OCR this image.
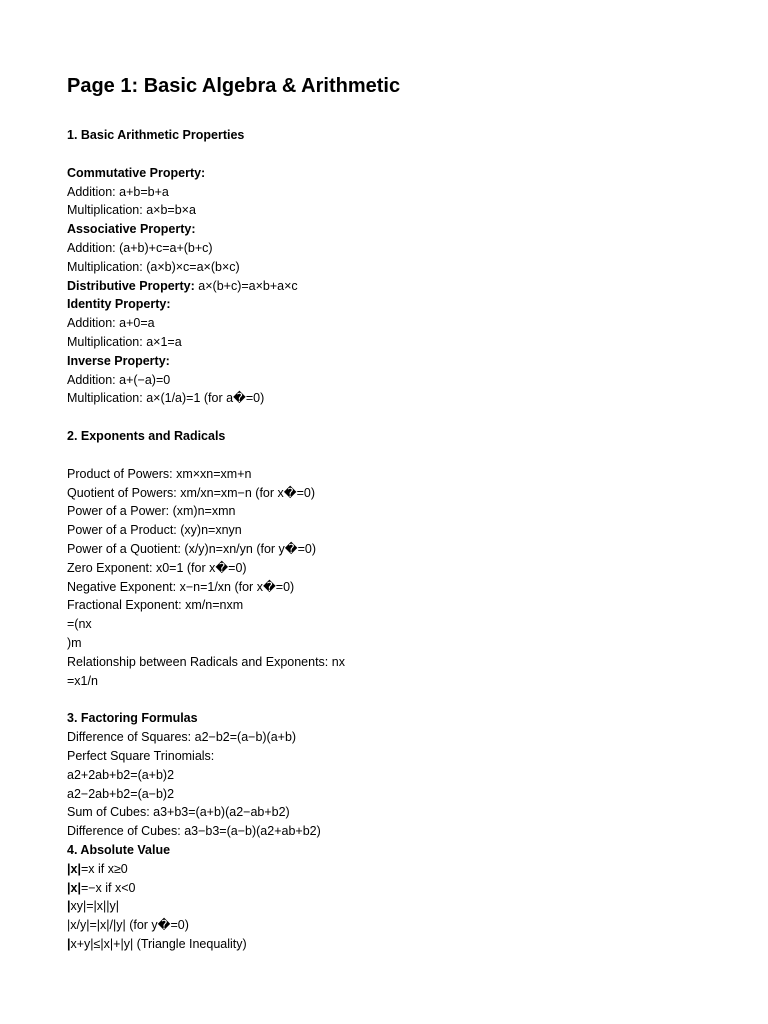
Page 1: Basic Algebra & Arithmetic
1. Basic Arithmetic Properties
Commutative Property:
Addition: a+b=b+a
Multiplication: a×b=b×a
Associative Property:
Addition: (a+b)+c=a+(b+c)
Multiplication: (a×b)×c=a×(b×c)
Distributive Property: a×(b+c)=a×b+a×c
Identity Property:
Addition: a+0=a
Multiplication: a×1=a
Inverse Property:
Addition: a+(−a)=0
Multiplication: a×(1/a)=1 (for a�=0)
2. Exponents and Radicals
Product of Powers: xm×xn=xm+n
Quotient of Powers: xm/xn=xm−n (for x�=0)
Power of a Power: (xm)n=xmn
Power of a Product: (xy)n=xnyn
Power of a Quotient: (x/y)n=xn/yn (for y�=0)
Zero Exponent: x0=1 (for x�=0)
Negative Exponent: x−n=1/xn (for x�=0)
Fractional Exponent: xm/n=nxm
=(nx
)m
Relationship between Radicals and Exponents: nx
=x1/n
3. Factoring Formulas
Difference of Squares: a2−b2=(a−b)(a+b)
Perfect Square Trinomials:
a2+2ab+b2=(a+b)2
a2−2ab+b2=(a−b)2
Sum of Cubes: a3+b3=(a+b)(a2−ab+b2)
Difference of Cubes: a3−b3=(a−b)(a2+ab+b2)
4. Absolute Value
|x|=x if x≥0
|x|=−x if x<0
|xy|=|x||y|
|x/y|=|x|/|y| (for y�=0)
|x+y|≤|x|+|y| (Triangle Inequality)
